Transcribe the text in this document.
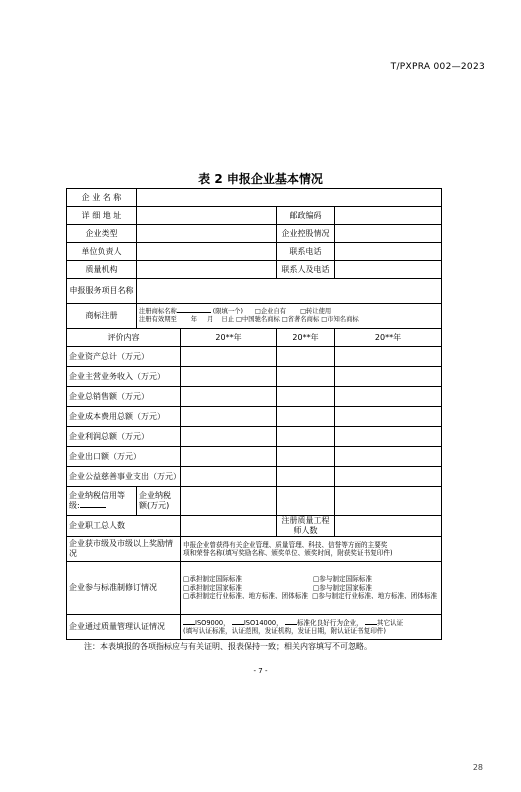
T/PXPRA 002—2023
表 2 申报企业基本情况
企 业 名 称				
详 细 地 址			邮政编码	
企业类型			企业控股情况	
单位负责人			联系电话	
质量机构			联系人及电话	
申报服务项目名称				
商标注册	注册商标名称 (限填一个) □企业自有 □转让使用
注册有效期至 年 月 日止 □中国驰名商标 □省著名商标 □市知名商标			

评价内容		20**年	20**年	20**年
企业资产总计（万元）				
企业主营业务收入（万元）				
企业总销售额（万元）				
企业成本费用总额（万元）				
企业利润总额（万元）				
企业出口额（万元）				
企业公益慈善事业支出（万元）				
企业纳税信用等级:	企业纳税额(万元)			
企业职工总人数			注册质量工程师人数	
企业获市级及市级以上奖励情况		申报企业曾获得有关企业管理、质量管理、科技、信誉等方面的主要奖
项和荣誉名称(填写奖励名称、颁奖单位、颁奖时间，附获奖证书复印件)		

企业参与标准制修订情况		□承担制定国际标准 □参与制定国际标准
□承担制定国家标准 □参与制定国家标准
□承担制定行业标准、地方标准、团体标准 □参与制定行业标准、地方标准、团体标准		

企业通过质量管理认证情况		ISO9000， ISO14000， 标准化良好行为企业， 其它认证
(填写认证标准，认证范围，发证机构，发证日期，附认证证书复印件)		
注：本表填报的各项指标应与有关证明、报表保持一致；相关内容填写不可忽略。
- 7 -
28
